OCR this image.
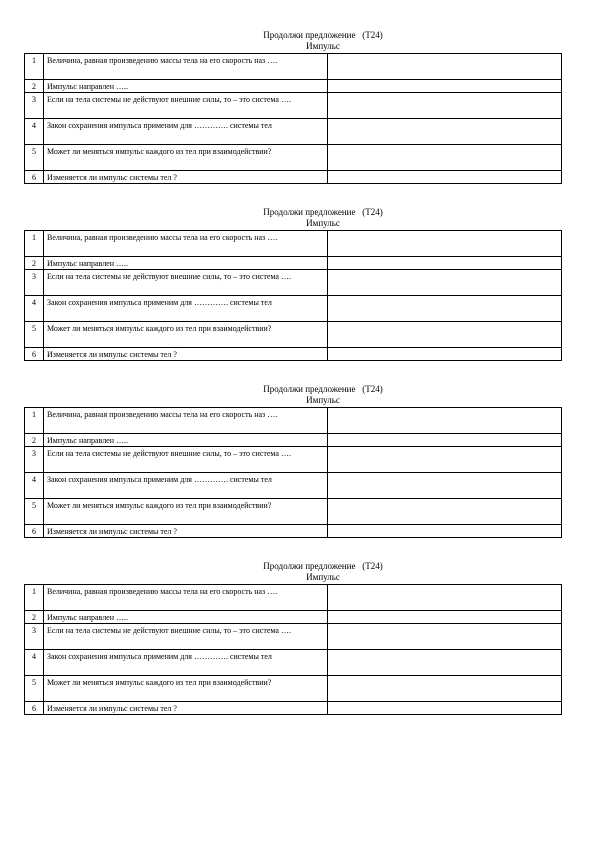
Продолжи предложение   (Т24)
Импульс
1	Величина, равная произведению массы тела на его скорость наз ….	
2	Импульс направлен …..	
3	Если на тела системы не действуют внешние силы, то – это система ….	
4	Закон сохранения импульса применим для …………. системы тел	
5	Может ли меняться импульс каждого из тел при взаимодействии?	
6	Изменяется ли импульс системы тел ?	
Продолжи предложение   (Т24)
Импульс
1	Величина, равная произведению массы тела на его скорость наз ….	
2	Импульс направлен …..	
3	Если на тела системы не действуют внешние силы, то – это система ….	
4	Закон сохранения импульса применим для …………. системы тел	
5	Может ли меняться импульс каждого из тел при взаимодействии?	
6	Изменяется ли импульс системы тел ?	
Продолжи предложение   (Т24)
Импульс
1	Величина, равная произведению массы тела на его скорость наз ….	
2	Импульс направлен …..	
3	Если на тела системы не действуют внешние силы, то – это система ….	
4	Закон сохранения импульса применим для …………. системы тел	
5	Может ли меняться импульс каждого из тел при взаимодействии?	
6	Изменяется ли импульс системы тел ?	
Продолжи предложение   (Т24)
Импульс
1	Величина, равная произведению массы тела на его скорость наз ….	
2	Импульс направлен …..	
3	Если на тела системы не действуют внешние силы, то – это система ….	
4	Закон сохранения импульса применим для …………. системы тел	
5	Может ли меняться импульс каждого из тел при взаимодействии?	
6	Изменяется ли импульс системы тел ?	
